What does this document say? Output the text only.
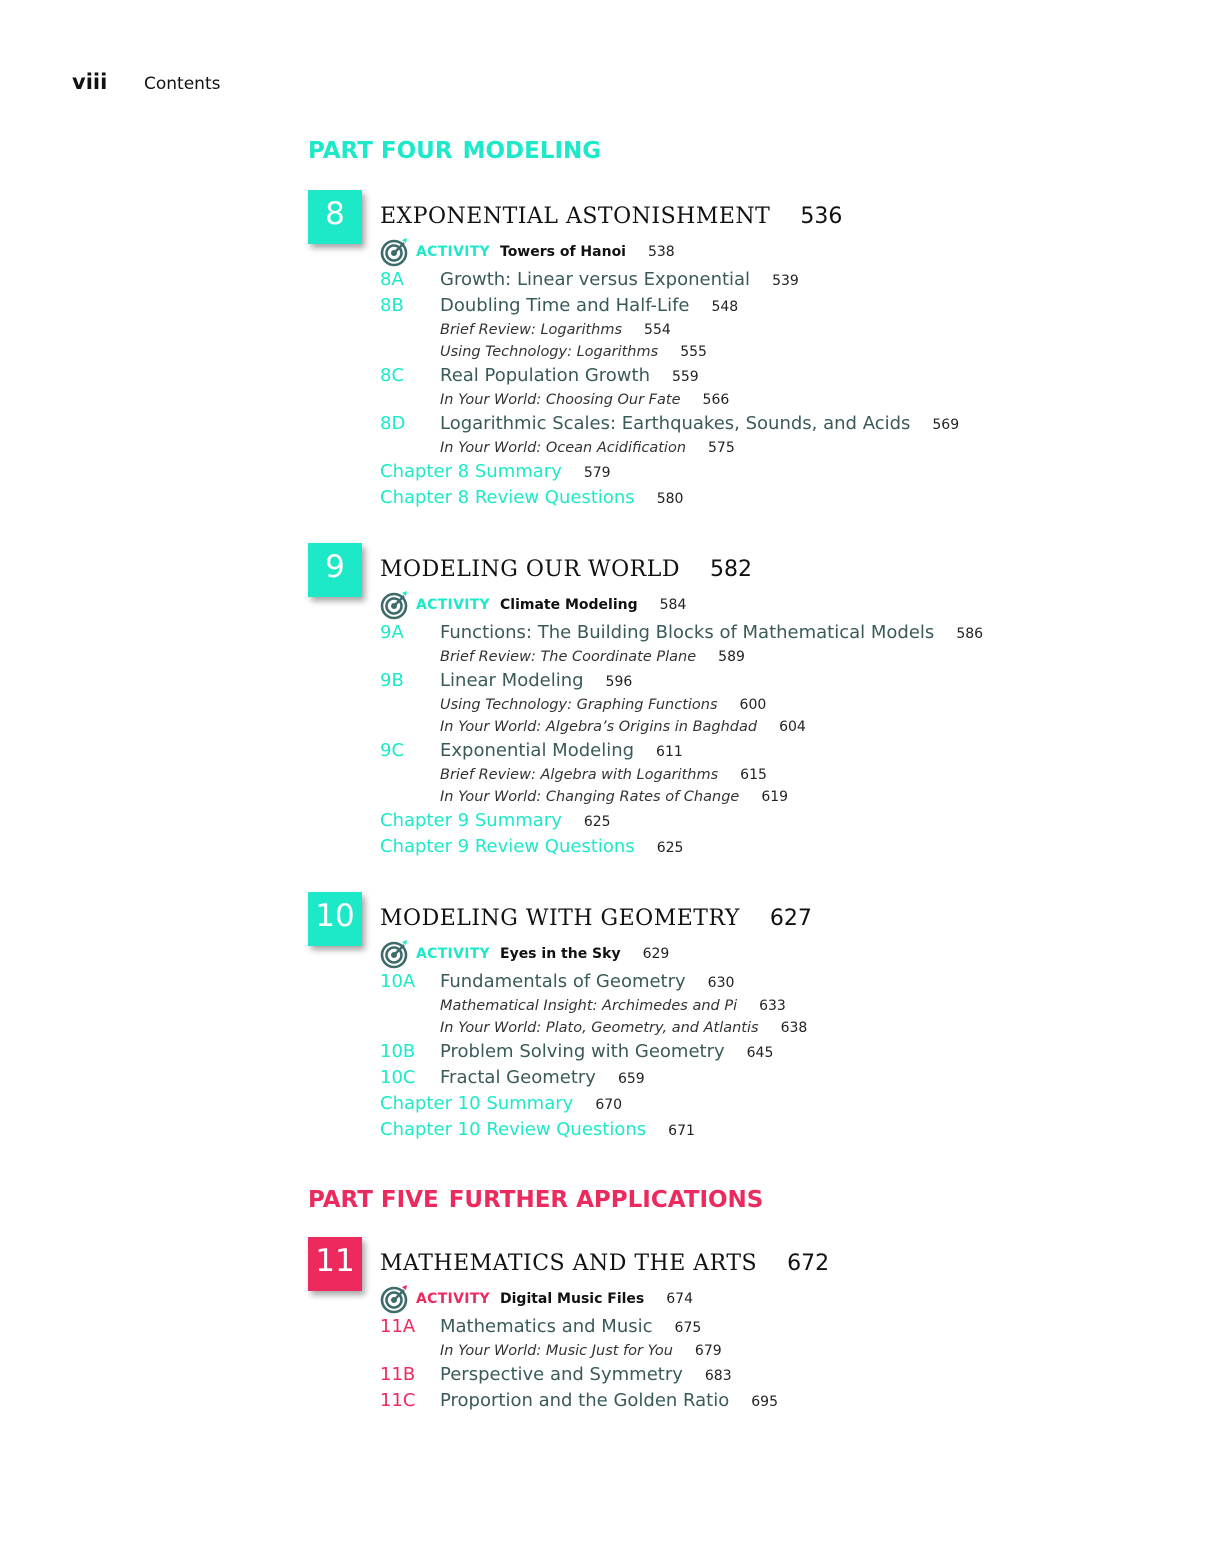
viii	Contents
PART FOUR MODELING
8	EXPONENTIAL ASTONISHMENT 536
ACTIVITY Towers of Hanoi 538
8A	Growth: Linear versus Exponential 539
8B	Doubling Time and Half-Life 548
Brief Review: Logarithms 554
Using Technology: Logarithms 555
8C	Real Population Growth 559
In Your World: Choosing Our Fate 566
8D	Logarithmic Scales: Earthquakes, Sounds, and Acids 569
In Your World: Ocean Acidification 575
Chapter 8 Summary 579
Chapter 8 Review Questions 580
9	MODELING OUR WORLD 582
ACTIVITY Climate Modeling 584
9A	Functions: The Building Blocks of Mathematical Models 586
Brief Review: The Coordinate Plane 589
9B	Linear Modeling 596
Using Technology: Graphing Functions 600
In Your World: Algebra’s Origins in Baghdad 604
9C	Exponential Modeling 611
Brief Review: Algebra with Logarithms 615
In Your World: Changing Rates of Change 619
Chapter 9 Summary 625
Chapter 9 Review Questions 625
10	MODELING WITH GEOMETRY 627
ACTIVITY Eyes in the Sky 629
10A	Fundamentals of Geometry 630
Mathematical Insight: Archimedes and Pi 633
In Your World: Plato, Geometry, and Atlantis 638
10B	Problem Solving with Geometry 645
10C	Fractal Geometry 659
Chapter 10 Summary 670
Chapter 10 Review Questions 671
PART FIVE FURTHER APPLICATIONS
11	MATHEMATICS AND THE ARTS 672
ACTIVITY Digital Music Files 674
11A	Mathematics and Music 675
In Your World: Music Just for You 679
11B	Perspective and Symmetry 683
11C	Proportion and the Golden Ratio 695
